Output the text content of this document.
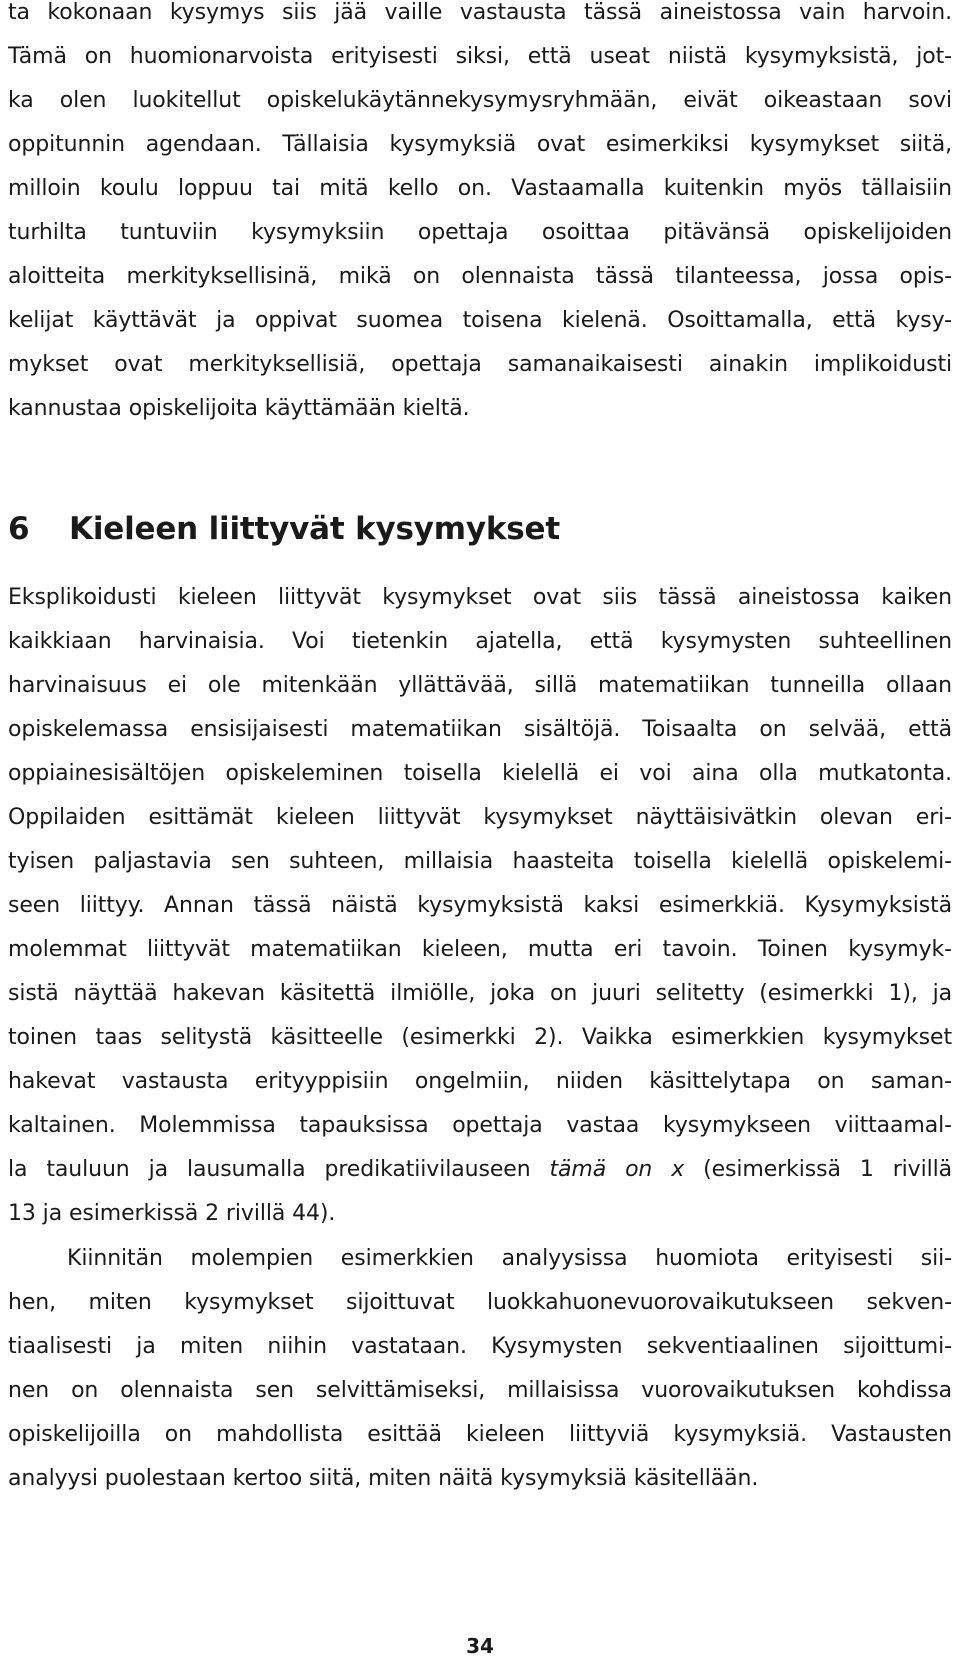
ta kokonaan kysymys siis jää vaille vastausta tässä aineistossa vain harvoin.
Tämä on huomionarvoista erityisesti siksi, että useat niistä kysymyksistä, jot-
ka olen luokitellut opiskelukäytännekysymysryhmään, eivät oikeastaan sovi
oppitunnin agendaan. Tällaisia kysymyksiä ovat esimerkiksi kysymykset siitä,
milloin koulu loppuu tai mitä kello on. Vastaamalla kuitenkin myös tällaisiin
turhilta tuntuviin kysymyksiin opettaja osoittaa pitävänsä opiskelijoiden
aloitteita merkityksellisinä, mikä on olennaista tässä tilanteessa, jossa opis-
kelijat käyttävät ja oppivat suomea toisena kielenä. Osoittamalla, että kysy-
mykset ovat merkityksellisiä, opettaja samanaikaisesti ainakin implikoidusti
kannustaa opiskelijoita käyttämään kieltä.
6 Kieleen liittyvät kysymykset
Eksplikoidusti kieleen liittyvät kysymykset ovat siis tässä aineistossa kaiken
kaikkiaan harvinaisia. Voi tietenkin ajatella, että kysymysten suhteellinen
harvinaisuus ei ole mitenkään yllättävää, sillä matematiikan tunneilla ollaan
opiskelemassa ensisijaisesti matematiikan sisältöjä. Toisaalta on selvää, että
oppiainesisältöjen opiskeleminen toisella kielellä ei voi aina olla mutkatonta.
Oppilaiden esittämät kieleen liittyvät kysymykset näyttäisivätkin olevan eri-
tyisen paljastavia sen suhteen, millaisia haasteita toisella kielellä opiskelemi-
seen liittyy. Annan tässä näistä kysymyksistä kaksi esimerkkiä. Kysymyksistä
molemmat liittyvät matematiikan kieleen, mutta eri tavoin. Toinen kysymyk-
sistä näyttää hakevan käsitettä ilmiölle, joka on juuri selitetty (esimerkki 1), ja
toinen taas selitystä käsitteelle (esimerkki 2). Vaikka esimerkkien kysymykset
hakevat vastausta erityyppisiin ongelmiin, niiden käsittelytapa on saman-
kaltainen. Molemmissa tapauksissa opettaja vastaa kysymykseen viittaamal-
la tauluun ja lausumalla predikatiivilauseen tämä on x (esimerkissä 1 rivillä
13 ja esimerkissä 2 rivillä 44).
Kiinnitän molempien esimerkkien analyysissa huomiota erityisesti sii-
hen, miten kysymykset sijoittuvat luokkahuonevuorovaikutukseen sekven-
tiaalisesti ja miten niihin vastataan. Kysymysten sekventiaalinen sijoittumi-
nen on olennaista sen selvittämiseksi, millaisissa vuorovaikutuksen kohdissa
opiskelijoilla on mahdollista esittää kieleen liittyviä kysymyksiä. Vastausten
analyysi puolestaan kertoo siitä, miten näitä kysymyksiä käsitellään.
34
